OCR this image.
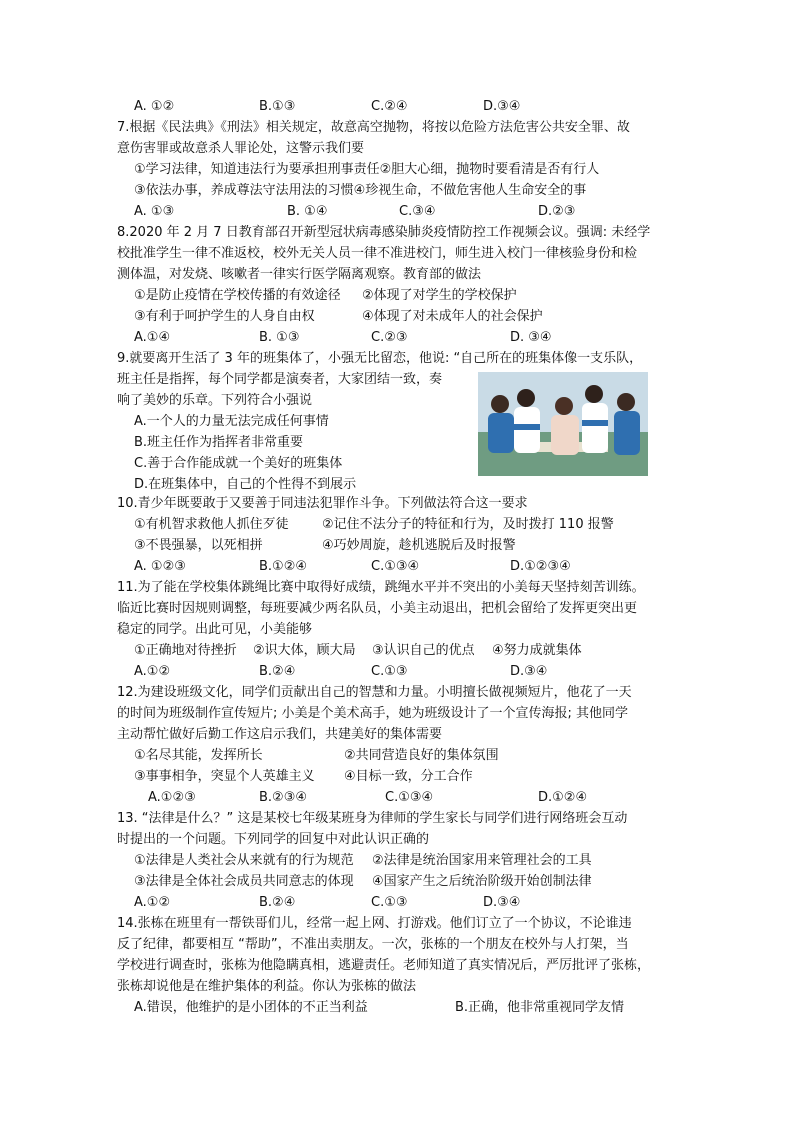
A. ①②	B.①③	C.②④	D.③④
7.根据《民法典》《刑法》相关规定，故意高空抛物，将按以危险方法危害公共安全罪、故
意伤害罪或故意杀人罪论处，这警示我们要
①学习法律，知道违法行为要承担刑事责任②胆大心细，抛物时要看清是否有行人
③依法办事，养成尊法守法用法的习惯④珍视生命，不做危害他人生命安全的事
A. ①③	B. ①④	C.③④	D.②③
8.2020 年 2 月 7 日教育部召开新型冠状病毒感染肺炎疫情防控工作视频会议。强调: 未经学
校批准学生一律不准返校，校外无关人员一律不准进校门，师生进入校门一律核验身份和检
测体温，对发烧、咳嗽者一律实行医学隔离观察。教育部的做法
①是防止疫情在学校传播的有效途径 ②体现了对学生的学校保护
③有利于呵护学生的人身自由权	④体现了对未成年人的社会保护
A.①④	B. ①③	C.②③	D. ③④
9.就要离开生活了 3 年的班集体了，小强无比留恋，他说: “自己所在的班集体像一支乐队，
班主任是指挥，每个同学都是演奏者，大家团结一致，奏
响了美妙的乐章。下列符合小强说
A.一个人的力量无法完成任何事情
B.班主任作为指挥者非常重要
C.善于合作能成就一个美好的班集体
D.在班集体中，自己的个性得不到展示
10.青少年既要敢于又要善于同违法犯罪作斗争。下列做法符合这一要求
①有机智求救他人抓住歹徒	②记住不法分子的特征和行为，及时拨打 110 报警
③不畏强暴，以死相拼	④巧妙周旋，趁机逃脱后及时报警
A. ①②③	B.①②④	C.①③④	D.①②③④
11.为了能在学校集体跳绳比赛中取得好成绩，跳绳水平并不突出的小美每天坚持刻苦训练。
临近比赛时因规则调整，每班要减少两名队员，小美主动退出，把机会留给了发挥更突出更
稳定的同学。出此可见，小美能够
①正确地对待挫折 ②识大体，顾大局 ③认识自己的优点 ④努力成就集体
A.①②	B.②④	C.①③	D.③④
12.为建设班级文化，同学们贡献出自己的智慧和力量。小明擅长做视频短片，他花了一天
的时间为班级制作宣传短片; 小美是个美术高手，她为班级设计了一个宣传海报; 其他同学
主动帮忙做好后勤工作这启示我们，共建美好的集体需要
①名尽其能，发挥所长	②共同营造良好的集体氛围
③事事相争，突显个人英雄主义 ④目标一致，分工合作
A.①②③	B.②③④	C.①③④	D.①②④
13. “法律是什么？” 这是某校七年级某班身为律师的学生家长与同学们进行网络班会互动
时提出的一个问题。下列同学的回复中对此认识正确的
①法律是人类社会从来就有的行为规范 ②法律是统治国家用来管理社会的工具
③法律是全体社会成员共同意志的体现 ④国家产生之后统治阶级开始创制法律
A.①②	B.②④	C.①③	D.③④
14.张栋在班里有一帮铁哥们儿，经常一起上网、打游戏。他们订立了一个协议，不论谁违
反了纪律，都要相互 “帮助”，不准出卖朋友。一次，张栋的一个朋友在校外与人打架，当
学校进行调查时，张栋为他隐瞒真相，逃避责任。老师知道了真实情况后，严厉批评了张栋，
张栋却说他是在维护集体的利益。你认为张栋的做法
A.错误，他维护的是小团体的不正当利益	B.正确，他非常重视同学友情
